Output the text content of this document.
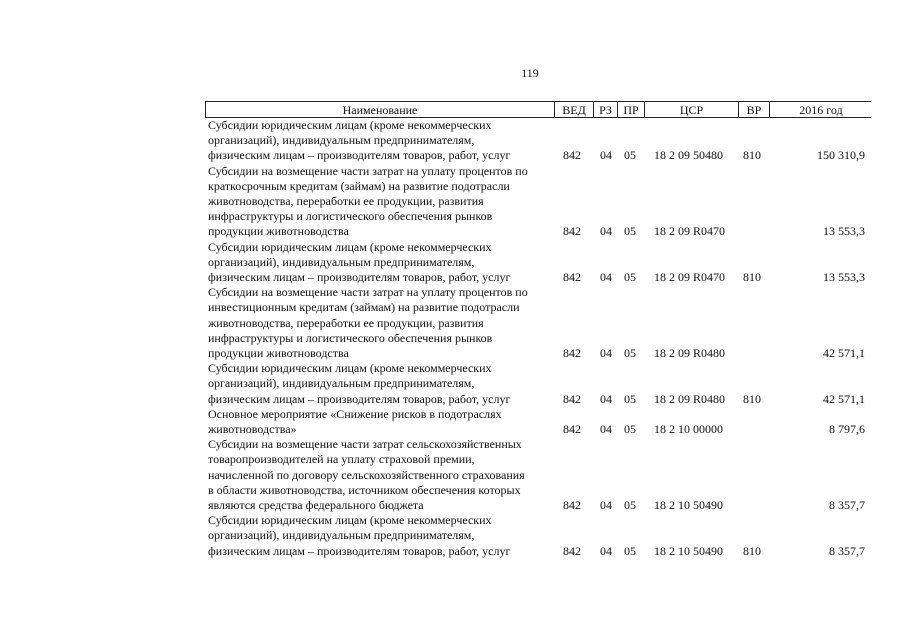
119
Наименование	ВЕД	РЗ ПР	ЦСР	ВР	2016 год
Субсидии юридическим лицам (кроме некоммерческих
организаций), индивидуальным предпринимателям,
физическим лицам – производителям товаров, работ, услуг	842 04 05 18 2 09 50480 810	150 310,9
Субсидии на возмещение части затрат на уплату процентов по
краткосрочным кредитам (займам) на развитие подотрасли
животноводства, переработки ее продукции, развития
инфраструктуры и логистического обеспечения рынков
продукции животноводства	842 04 05 18 2 09 R0470	13 553,3
Субсидии юридическим лицам (кроме некоммерческих
организаций), индивидуальным предпринимателям,
физическим лицам – производителям товаров, работ, услуг	842 04 05 18 2 09 R0470 810	13 553,3
Субсидии на возмещение части затрат на уплату процентов по
инвестиционным кредитам (займам) на развитие подотрасли
животноводства, переработки ее продукции, развития
инфраструктуры и логистического обеспечения рынков
продукции животноводства	842 04 05 18 2 09 R0480	42 571,1
Субсидии юридическим лицам (кроме некоммерческих
организаций), индивидуальным предпринимателям,
физическим лицам – производителям товаров, работ, услуг	842 04 05 18 2 09 R0480 810	42 571,1
Основное мероприятие «Снижение рисков в подотраслях
животноводства»	842 04 05 18 2 10 00000	8 797,6
Субсидии на возмещение части затрат сельскохозяйственных
товаропроизводителей на уплату страховой премии,
начисленной по договору сельскохозяйственного страхования
в области животноводства, источником обеспечения которых
являются средства федерального бюджета	842 04 05 18 2 10 50490	8 357,7
Субсидии юридическим лицам (кроме некоммерческих
организаций), индивидуальным предпринимателям,
физическим лицам – производителям товаров, работ, услуг	842 04 05 18 2 10 50490 810	8 357,7
